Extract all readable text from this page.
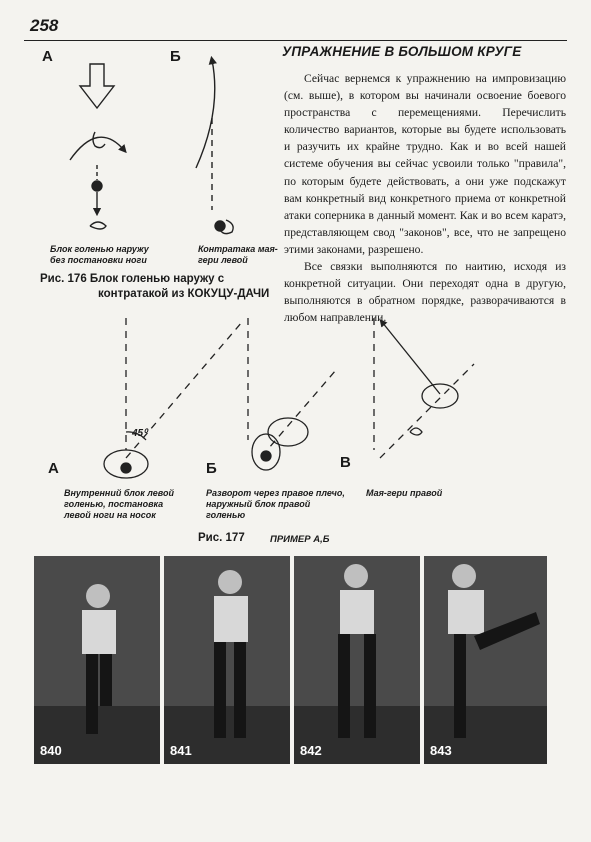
258
УПРАЖНЕНИЕ В БОЛЬШОМ КРУГЕ

Сейчас вернемся к упражнению на импровизацию (см. выше), в котором вы начинали освоение боевого пространства с перемещениями. Перечислить количество вариантов, которые вы будете использовать и разучить их крайне трудно. Как и во всей нашей системе обучения вы сейчас усвоили только "правила", по которым будете действовать, а они уже подскажут вам конкретный вид конкретного приема от конкретной атаки соперника в данный момент. Как и во всем каратэ, представляющем свод "законов", все, что не запрещено этими законами, разрешено.

Все связки выполняются по наитию, исходя из конкретной ситуации. Они переходят одна в другую, выполняются в обратном порядке, разворачиваются в любом направлении.

А	Б
Блок голенью наружу
без постановки ноги
Контратака мая-
гери левой
Рис. 176 Блок голенью наружу с
контратакой из КОКУЦУ-ДАЧИ
45⁰
А	Б	В
Внутренний блок левой
голенью, постановка
левой ноги на носок
Разворот через правое плечо,
наружный блок правой
голенью
Мая-гери правой
Рис. 177	ПРИМЕР А,Б
840	841	842	843
